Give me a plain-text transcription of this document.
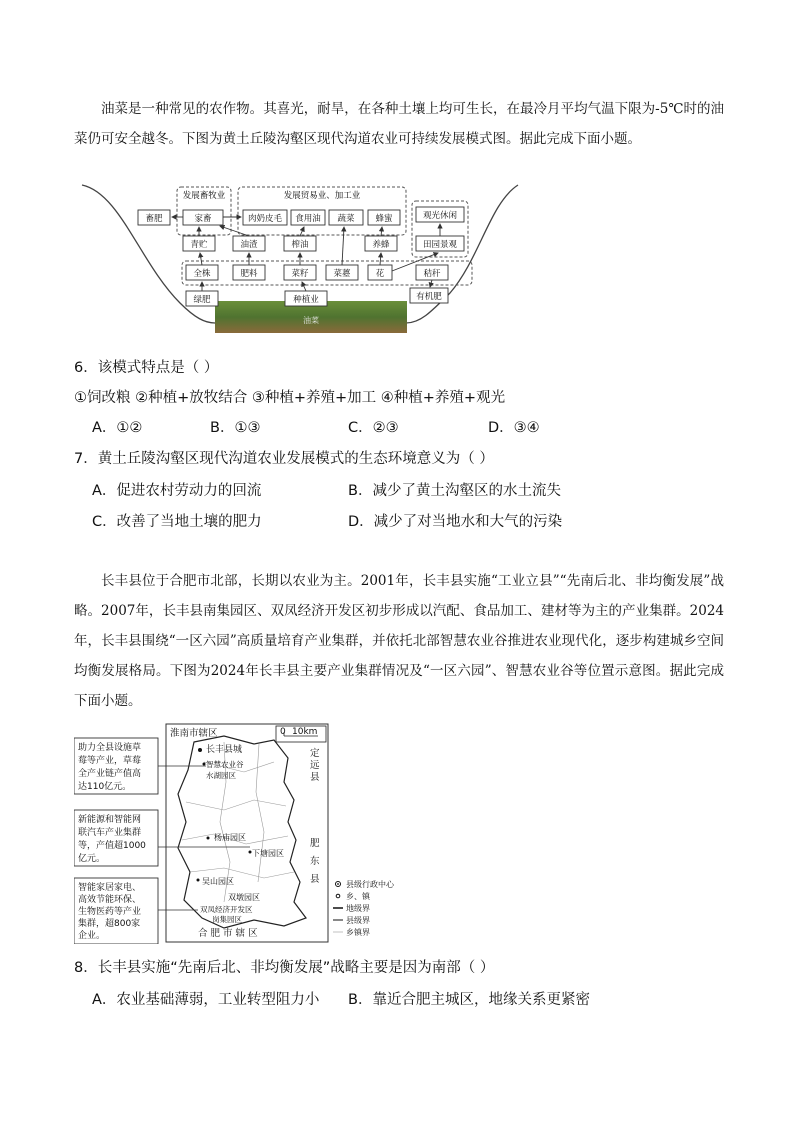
油菜是一种常见的农作物。其喜光，耐旱，在各种土壤上均可生长，在最冷月平均气温下限为-5℃时的油菜仍可安全越冬。下图为黄土丘陵沟壑区现代沟道农业可持续发展模式图。据此完成下面小题。

油菜
发展畜牧业	发展贸易业、加工业
畜肥	家畜	肉奶皮毛 食用油 蔬菜 蜂蜜	观光休闲
青贮	油渣	榨油	养蜂	田园景观
全株	肥料	菜籽	菜薹	花	秸秆
绿肥	种植业	有机肥
6．该模式特点是（ ）
①饲改粮 ②种植+放牧结合 ③种植+养殖+加工 ④种植+养殖+观光
A．①②	B．①③	C．②③	D．③④
7．黄土丘陵沟壑区现代沟道农业发展模式的生态环境意义为（ ）
A．促进农村劳动力的回流	B．减少了黄土沟壑区的水土流失
C．改善了当地土壤的肥力	D．减少了对当地水和大气的污染

长丰县位于合肥市北部，长期以农业为主。2001年，长丰县实施“工业立县”“先南后北、非均衡发展”战略。2007年，长丰县南集园区、双凤经济开发区初步形成以汽配、食品加工、建材等为主的产业集群。2024年，长丰县围绕“一区六园”高质量培育产业集群，并依托北部智慧农业谷推进农业现代化，逐步构建城乡空间均衡发展格局。下图为2024年长丰县主要产业集群情况及“一区六园”、智慧农业谷等位置示意图。据此完成下面小题。

助力全县设施草
莓等产业，草莓
全产业链产值高
达110亿元。
新能源和智能网
联汽车产业集群
等，产值超1000
亿元。
智能家居家电、
高效节能环保、
生物医药等产业
集群，超800家
企业。
0 10km
淮南市辖区
长丰县城
智慧农业谷
水湖园区
杨庙园区
下塘园区
吴山园区
双墩园区
双凤经济开发区
岗集园区
合 肥 市 辖 区
定
远
县
肥
东
县	县级行政中心
乡、镇
地级界
县级界
乡镇界
8．长丰县实施“先南后北、非均衡发展”战略主要是因为南部（ ）
A．农业基础薄弱，工业转型阻力小 B．靠近合肥主城区，地缘关系更紧密
